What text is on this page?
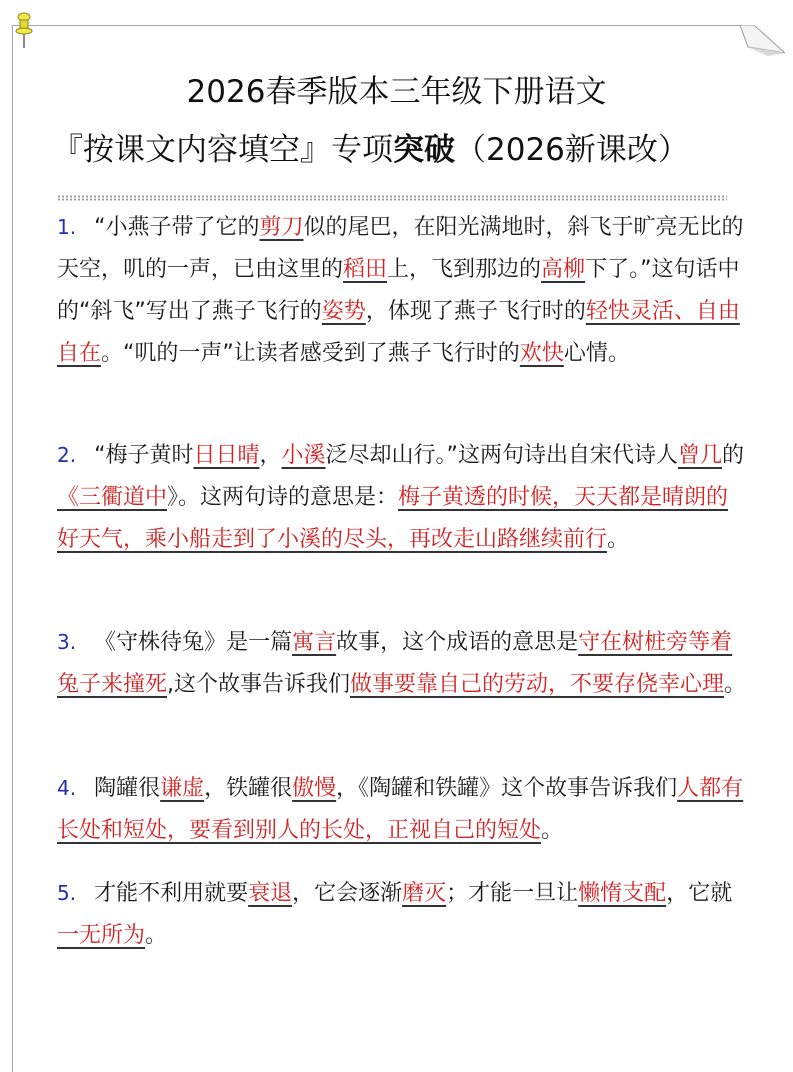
2026春季版本三年级下册语文
『按课文内容填空』专项突破（2026新课改）
1. “小燕子带了它的剪刀似的尾巴，在阳光满地时，斜飞于旷亮无比的天空，叽的一声，已由这里的稻田上，飞到那边的高柳下了。”这句话中的“斜飞”写出了燕子飞行的姿势，体现了燕子飞行时的轻快灵活、自由自在。“叽的一声”让读者感受到了燕子飞行时的欢快心情。
2. “梅子黄时日日晴，小溪泛尽却山行。”这两句诗出自宋代诗人曾几的《三衢道中》。这两句诗的意思是：梅子黄透的时候，天天都是晴朗的好天气，乘小船走到了小溪的尽头，再改走山路继续前行。
3. 《守株待兔》是一篇寓言故事，这个成语的意思是守在树桩旁等着兔子来撞死,这个故事告诉我们做事要靠自己的劳动，不要存侥幸心理。
4. 陶罐很谦虚，铁罐很傲慢，《陶罐和铁罐》这个故事告诉我们人都有长处和短处，要看到别人的长处，正视自己的短处。
5. 才能不利用就要衰退，它会逐渐磨灭；才能一旦让懒惰支配，它就一无所为。
